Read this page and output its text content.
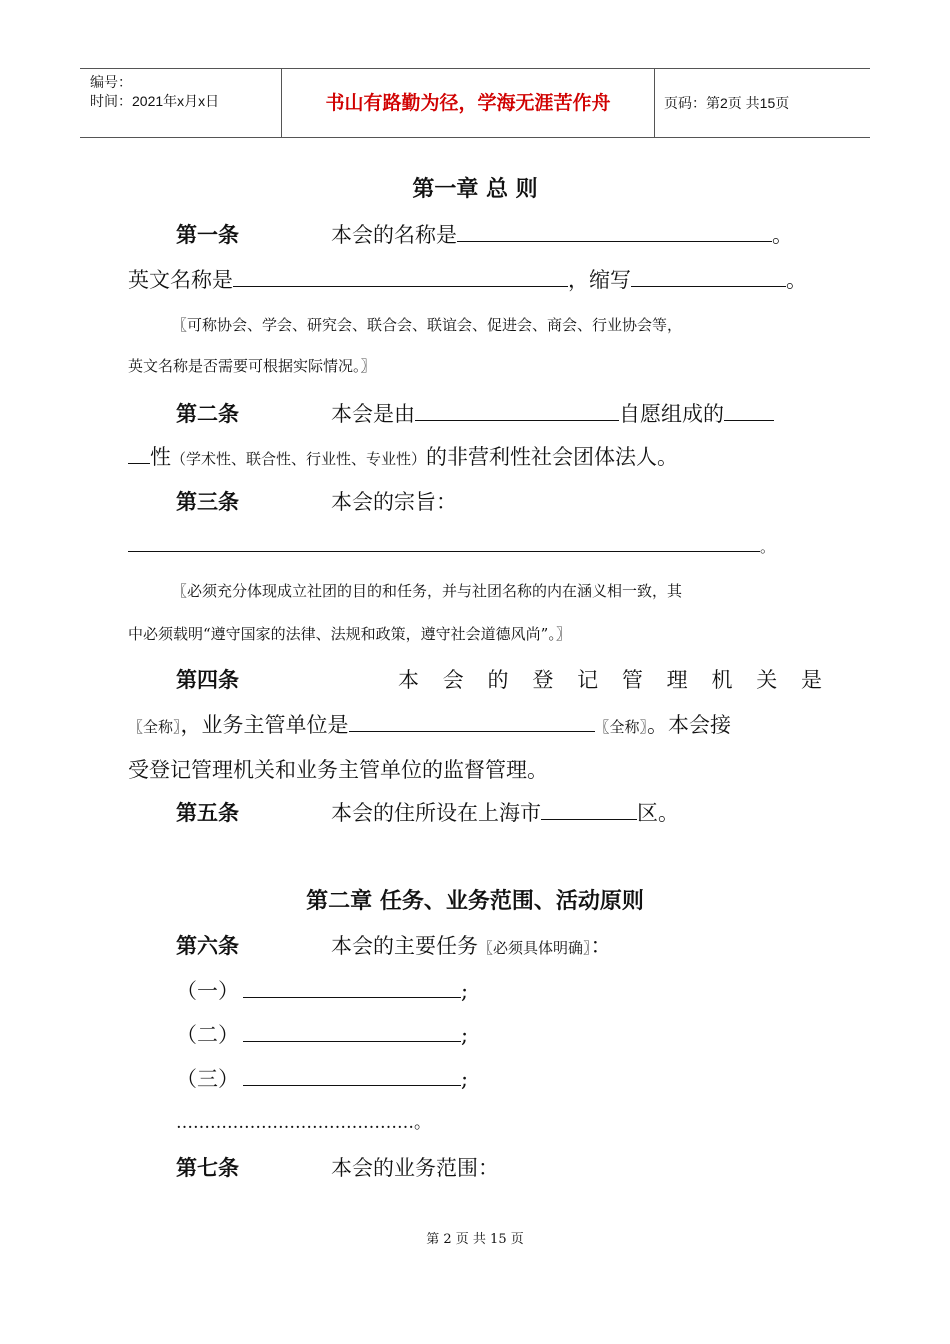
编号：
时间：2021年x月x日	书山有路勤为径，学海无涯苦作舟	页码：第2页 共15页
第一章 总 则
第一条	本会的名称是	。
英文名称是	，缩写	。
〖可称协会、学会、研究会、联合会、联谊会、促进会、商会、行业协会等，
英文名称是否需要可根据实际情况。〗
第二条	本会是由	自愿组成的
性（学术性、联合性、行业性、专业性）的非营利性社会团体法人。
第三条	本会的宗旨：
。
〖必须充分体现成立社团的目的和任务，并与社团名称的内在涵义相一致，其
中必须载明“遵守国家的法律、法规和政策，遵守社会道德风尚”。〗
第四条	本 会 的 登 记 管 理 机 关 是
〖全称〗，业务主管单位是	〖全称〗。本会接
受登记管理机关和业务主管单位的监督管理。
第五条	本会的住所设在上海市	区。
第二章 任务、业务范围、活动原则
第六条	本会的主要任务〖必须具体明确〗：
（一）	;
（二）	;
（三）	;
……………………………………。
第七条	本会的业务范围：
第 2 页 共 15 页
